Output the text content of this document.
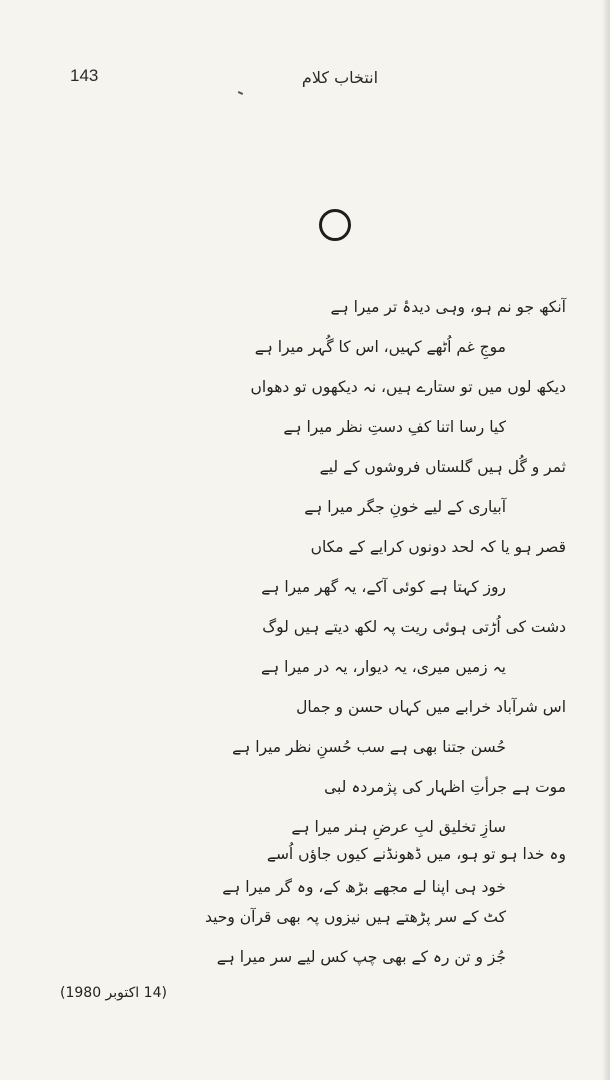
143	انتخاب کلام
آنکھ جو نم ہو، وہی دیدۂ تر میرا ہے
موجِ غم اُٹھے کہیں، اس کا گُہر میرا ہے
دیکھ لوں میں تو ستارے ہیں، نہ دیکھوں تو دھواں
کیا رسا اتنا کفِ دستِ نظر میرا ہے
ثمر و گُل ہیں گلستاں فروشوں کے لیے
آبیاری کے لیے خونِ جگر میرا ہے
قصر ہو یا کہ لحد دونوں کرایے کے مکاں
روز کہتا ہے کوئی آکے، یہ گھر میرا ہے
دشت کی اُڑتی ہوئی ریت پہ لکھ دیتے ہیں لوگ
یہ زمیں میری، یہ دیوار، یہ در میرا ہے
اس شرآباد خرابے میں کہاں حسن و جمال
حُسن جتنا بھی ہے سب حُسنِ نظر میرا ہے
موت ہے جرأتِ اظہار کی پژمردہ لبی
سازِ تخلیق لبِ عرضِ ہنر میرا ہے
وہ خدا ہو تو ہو، میں ڈھونڈنے کیوں جاؤں اُسے
خود ہی اپنا لے مجھے بڑھ کے، وہ گر میرا ہے
کٹ کے سر پڑھتے ہیں نیزوں پہ بھی قرآن وحید
جُز و تن رہ کے بھی چپ کس لیے سر میرا ہے
(14 اکتوبر 1980)
